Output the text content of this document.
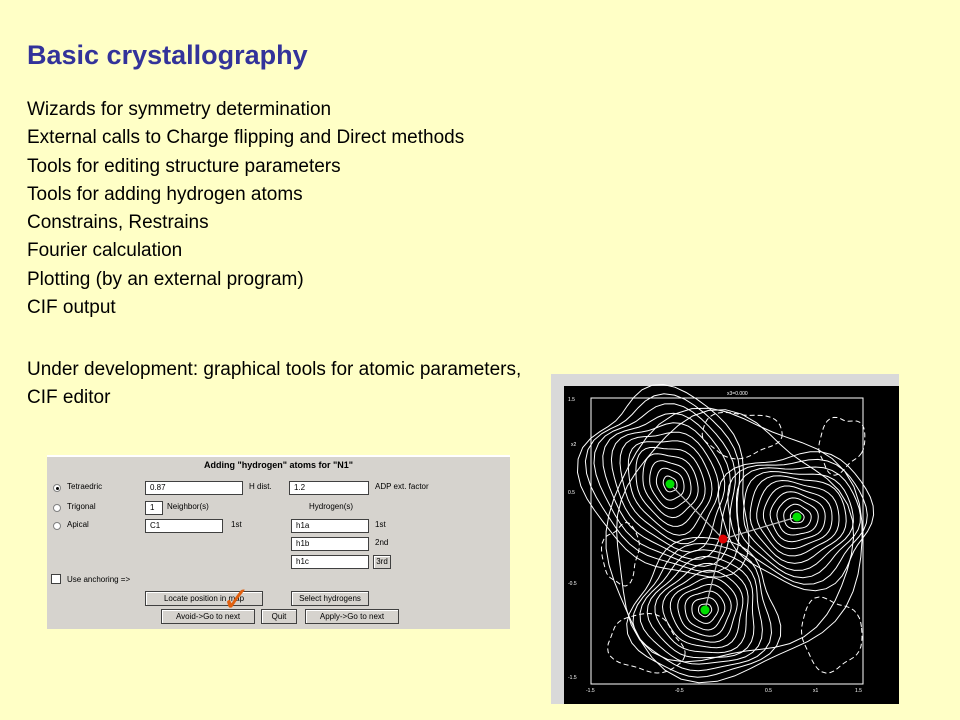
Basic crystallography
Wizards for symmetry determination
External calls to Charge flipping and Direct methods
Tools for editing structure parameters
Tools for adding hydrogen atoms
Constrains, Restrains
Fourier calculation
Plotting (by an external program)
CIF output
Under development: graphical tools for atomic parameters, CIF editor
Adding "hydrogen" atoms for "N1"
Tetraedric	0.87	H dist.	1.2	ADP ext. factor
Trigonal	1	Neighbor(s)	Hydrogen(s)
Apical	C1	1st	h1a	1st
h1b	2nd
h1c	3rd
Use anchoring =>
Locate position in map	Select hydrogens
Avoid->Go to next	Quit	Apply->Go to next
✓
x3=0.000
1.5
x2
0.5
-0.5
-1.5
-1.5	-0.5	0.5	x1	1.5
